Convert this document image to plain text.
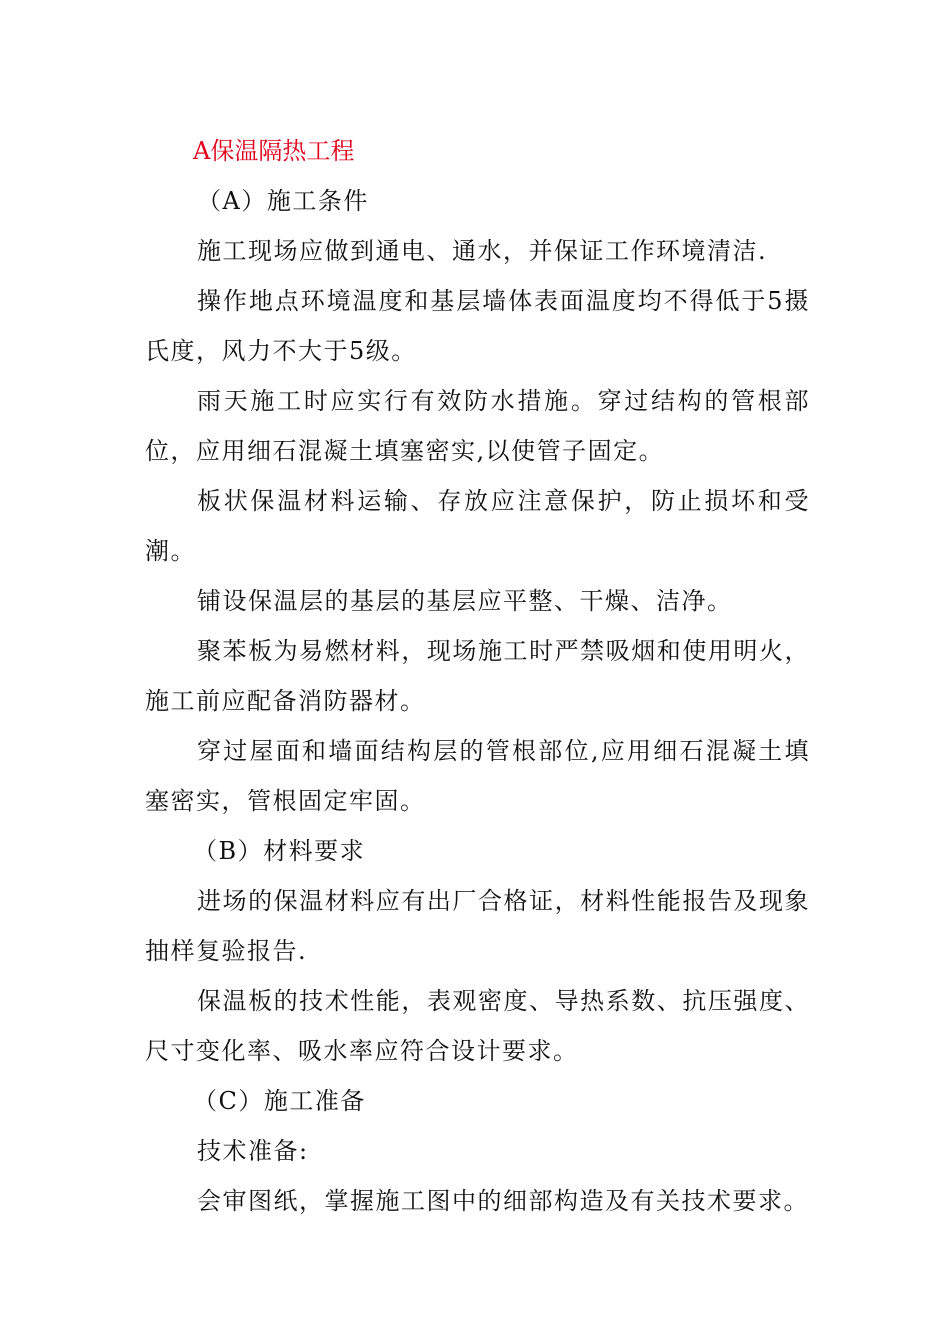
A保温隔热工程
（A）施工条件

施工现场应做到通电、通水，并保证工作环境清洁.

操作地点环境温度和基层墙体表面温度均不得低于5摄氏度，风力不大于5级。

雨天施工时应实行有效防水措施。穿过结构的管根部位，应用细石混凝土填塞密实,以使管子固定。

板状保温材料运输、存放应注意保护，防止损坏和受潮。

铺设保温层的基层的基层应平整、干燥、洁净。

聚苯板为易燃材料，现场施工时严禁吸烟和使用明火，施工前应配备消防器材。

穿过屋面和墙面结构层的管根部位,应用细石混凝土填塞密实，管根固定牢固。

（B）材料要求

进场的保温材料应有出厂合格证，材料性能报告及现象抽样复验报告.

保温板的技术性能，表观密度、导热系数、抗压强度、尺寸变化率、吸水率应符合设计要求。

（C）施工准备

技术准备:

会审图纸，掌握施工图中的细部构造及有关技术要求。
